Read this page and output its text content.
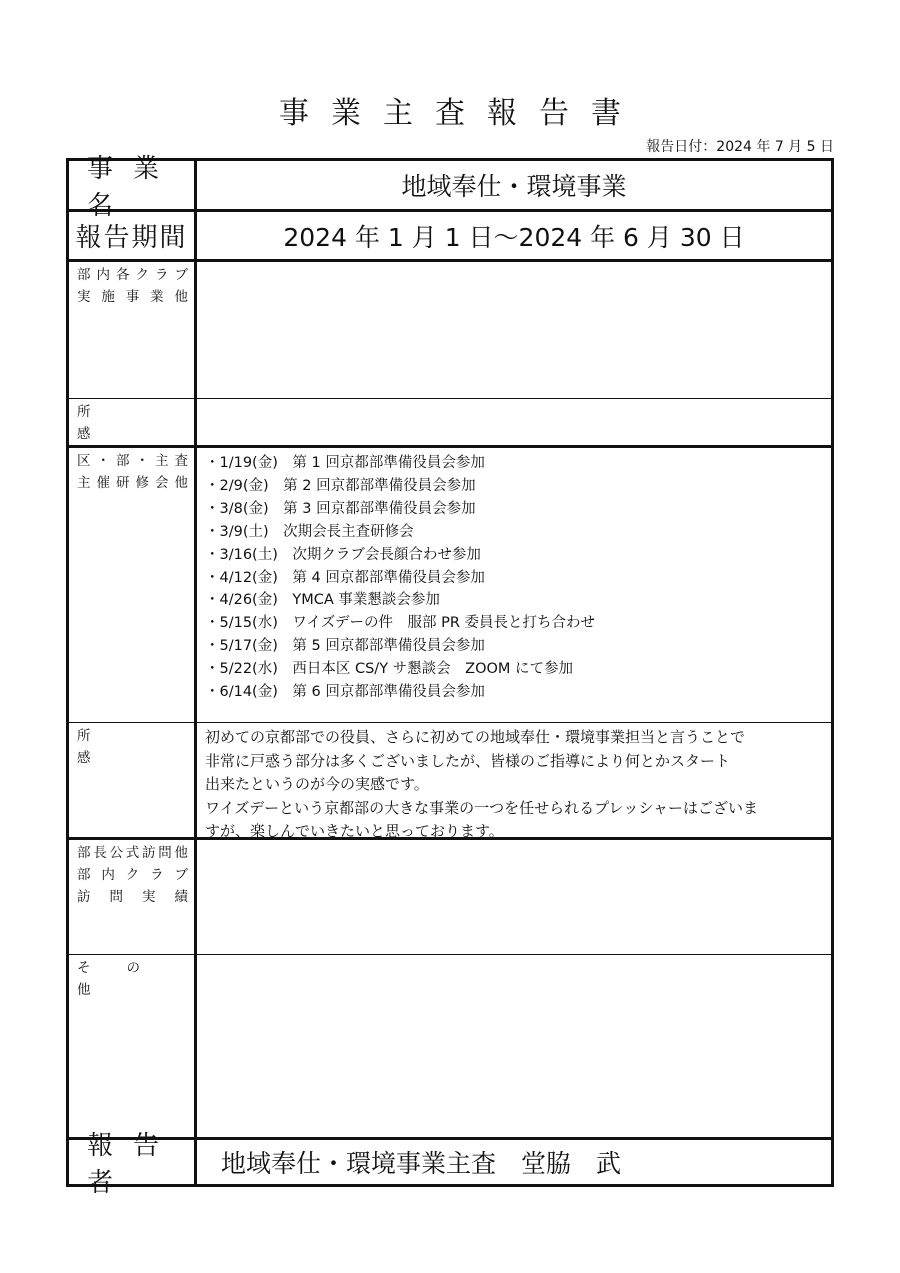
事業主査報告書
報告日付：2024 年 7 月 5 日
事業名
地域奉仕・環境事業
報告期間	2024 年 1 月 1 日〜2024 年 6 月 30 日
部内各クラブ
実施事業他
所　　　　　感
区・部・主査
主催研修会他
・1/19(金)　第 1 回京都部準備役員会参加
・2/9(金)　第 2 回京都部準備役員会参加
・3/8(金)　第 3 回京都部準備役員会参加
・3/9(土)　次期会長主査研修会
・3/16(土)　次期クラブ会長顔合わせ参加
・4/12(金)　第 4 回京都部準備役員会参加
・4/26(金)　YMCA 事業懇談会参加
・5/15(水)　ワイズデーの件　服部 PR 委員長と打ち合わせ
・5/17(金)　第 5 回京都部準備役員会参加
・5/22(水)　西日本区 CS/Y サ懇談会　ZOOM にて参加
・6/14(金)　第 6 回京都部準備役員会参加
所　　　　　感
初めての京都部での役員、さらに初めての地域奉仕・環境事業担当と言うことで
非常に戸惑う部分は多くございましたが、皆様のご指導により何とかスタート
出来たというのが今の実感です。
ワイズデーという京都部の大きな事業の一つを任せられるプレッシャーはございま
すが、楽しんでいきたいと思っております。
部長公式訪問他
部内クラブ
訪問実績
そ　　の　　他
報告者
地域奉仕・環境事業主査　堂脇　武
